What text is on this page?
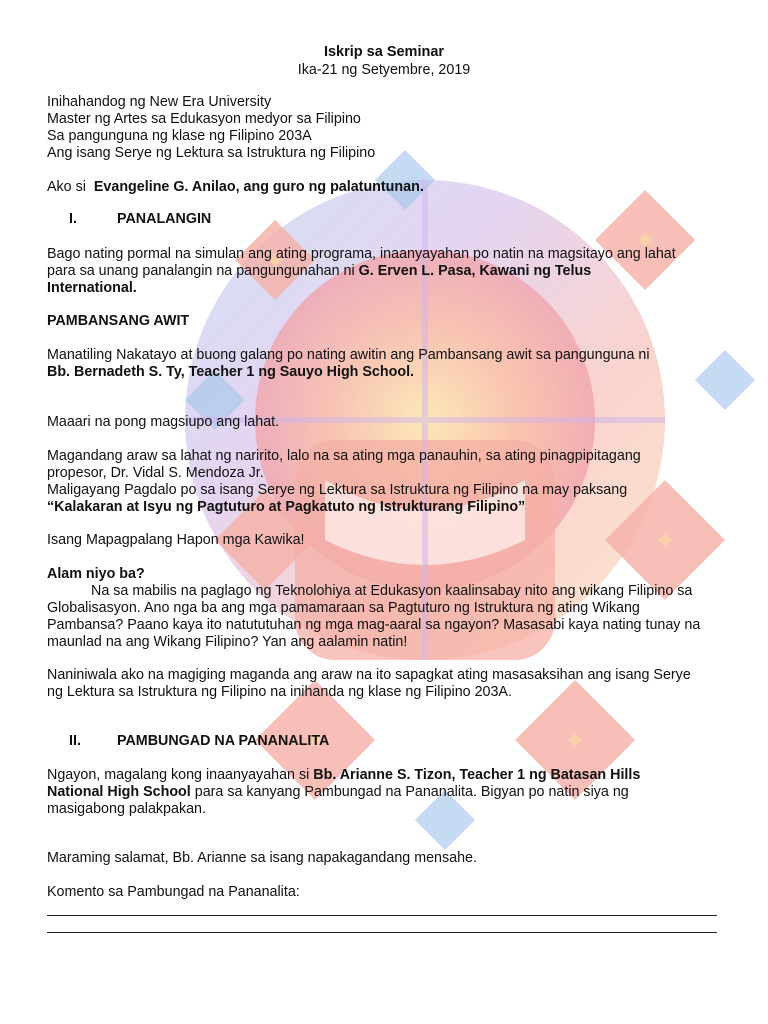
Iskrip sa Seminar
Ika-21 ng Setyembre, 2019
Inihahandog ng New Era University
Master ng Artes sa Edukasyon medyor sa Filipino
Sa pangunguna ng klase ng Filipino 203A
Ang isang Serye ng Lektura sa Istruktura ng Filipino
Ako si Evangeline G. Anilao, ang guro ng palatuntunan.
I.	PANALANGIN
Bago nating pormal na simulan ang ating programa, inaanyayahan po natin na magsitayo ang lahat
para sa unang panalangin na pangungunahan ni G. Erven L. Pasa, Kawani ng Telus
International.
PAMBANSANG AWIT
Manatiling Nakatayo at buong galang po nating awitin ang Pambansang awit sa pangunguna ni
Bb. Bernadeth S. Ty, Teacher 1 ng Sauyo High School.
Maaari na pong magsiupo ang lahat.
Magandang araw sa lahat ng naririto, lalo na sa ating mga panauhin, sa ating pinagpipitagang
propesor, Dr. Vidal S. Mendoza Jr.
Maligayang Pagdalo po sa isang Serye ng Lektura sa Istruktura ng Filipino na may paksang
“Kalakaran at Isyu ng Pagtuturo at Pagkatuto ng Istrukturang Filipino”
Isang Mapagpalang Hapon mga Kawika!
Alam niyo ba?
Na sa mabilis na paglago ng Teknolohiya at Edukasyon kaalinsabay nito ang wikang Filipino sa
Globalisasyon. Ano nga ba ang mga pamamaraan sa Pagtuturo ng Istruktura ng ating Wikang
Pambansa? Paano kaya ito natututuhan ng mga mag-aaral sa ngayon? Masasabi kaya nating tunay na
maunlad na ang Wikang Filipino? Yan ang aalamin natin!
Naniniwala ako na magiging maganda ang araw na ito sapagkat ating masasaksihan ang isang Serye
ng Lektura sa Istruktura ng Filipino na inihanda ng klase ng Filipino 203A.
II.	PAMBUNGAD NA PANANALITA
Ngayon, magalang kong inaanyayahan si Bb. Arianne S. Tizon, Teacher 1 ng Batasan Hills
National High School para sa kanyang Pambungad na Pananalita. Bigyan po natin siya ng
masigabong palakpakan.
Maraming salamat, Bb. Arianne sa isang napakagandang mensahe.
Komento sa Pambungad na Pananalita:
